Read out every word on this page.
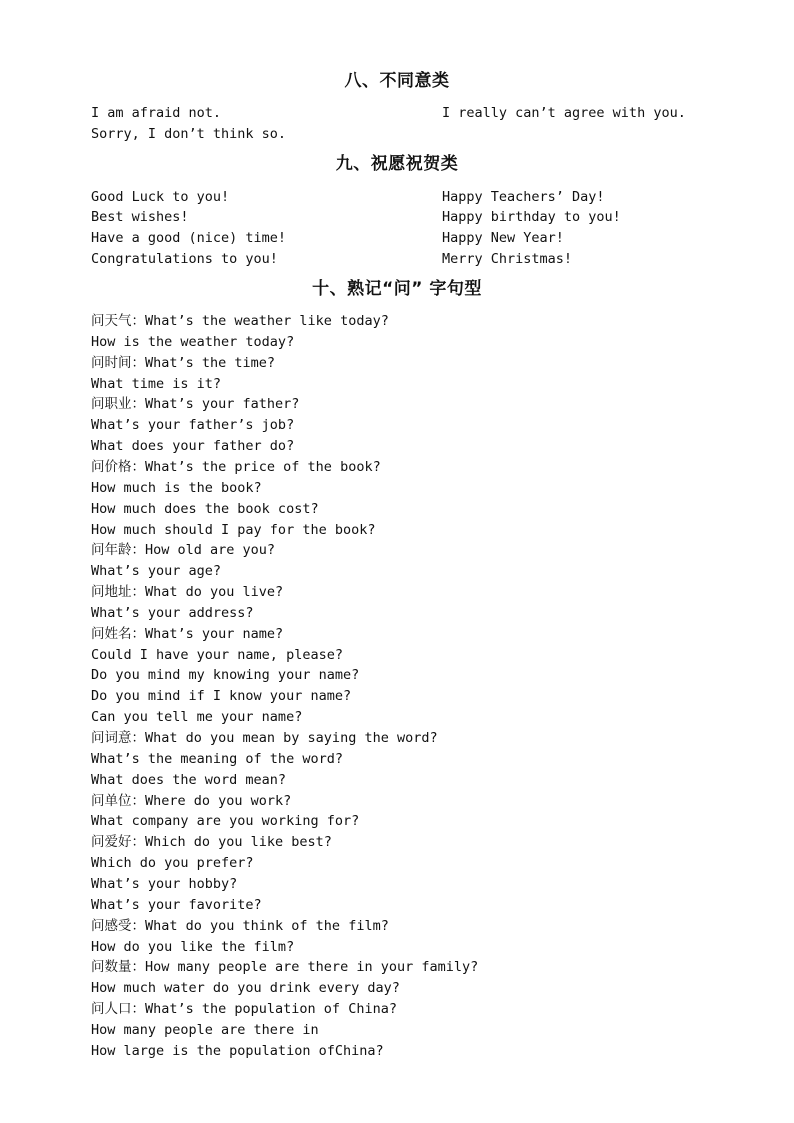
八、不同意类
I am afraid not.	I really can’t agree with you.
Sorry, I don’t think so.
九、祝愿祝贺类
Good Luck to you!	Happy Teachers’ Day!
Best wishes!	Happy birthday to you!
Have a good (nice) time!	Happy New Year!
Congratulations to you!	Merry Christmas!
十、熟记“问” 字句型
问天气：What’s the weather like today?
How is the weather today?
问时间：What’s the time?
What time is it?
问职业：What’s your father?
What’s your father’s job?
What does your father do?
问价格：What’s the price of the book?
How much is the book?
How much does the book cost?
How much should I pay for the book?
问年龄：How old are you?
What’s your age?
问地址：What do you live?
What’s your address?
问姓名：What’s your name?
Could I have your name, please?
Do you mind my knowing your name?
Do you mind if I know your name?
Can you tell me your name?
问词意：What do you mean by saying the word?
What’s the meaning of the word?
What does the word mean?
问单位：Where do you work?
What company are you working for?
问爱好：Which do you like best?
Which do you prefer?
What’s your hobby?
What’s your favorite?
问感受：What do you think of the film?
How do you like the film?
问数量：How many people are there in your family?
How much water do you drink every day?
问人口：What’s the population of China?
How many people are there in
How large is the population ofChina?
